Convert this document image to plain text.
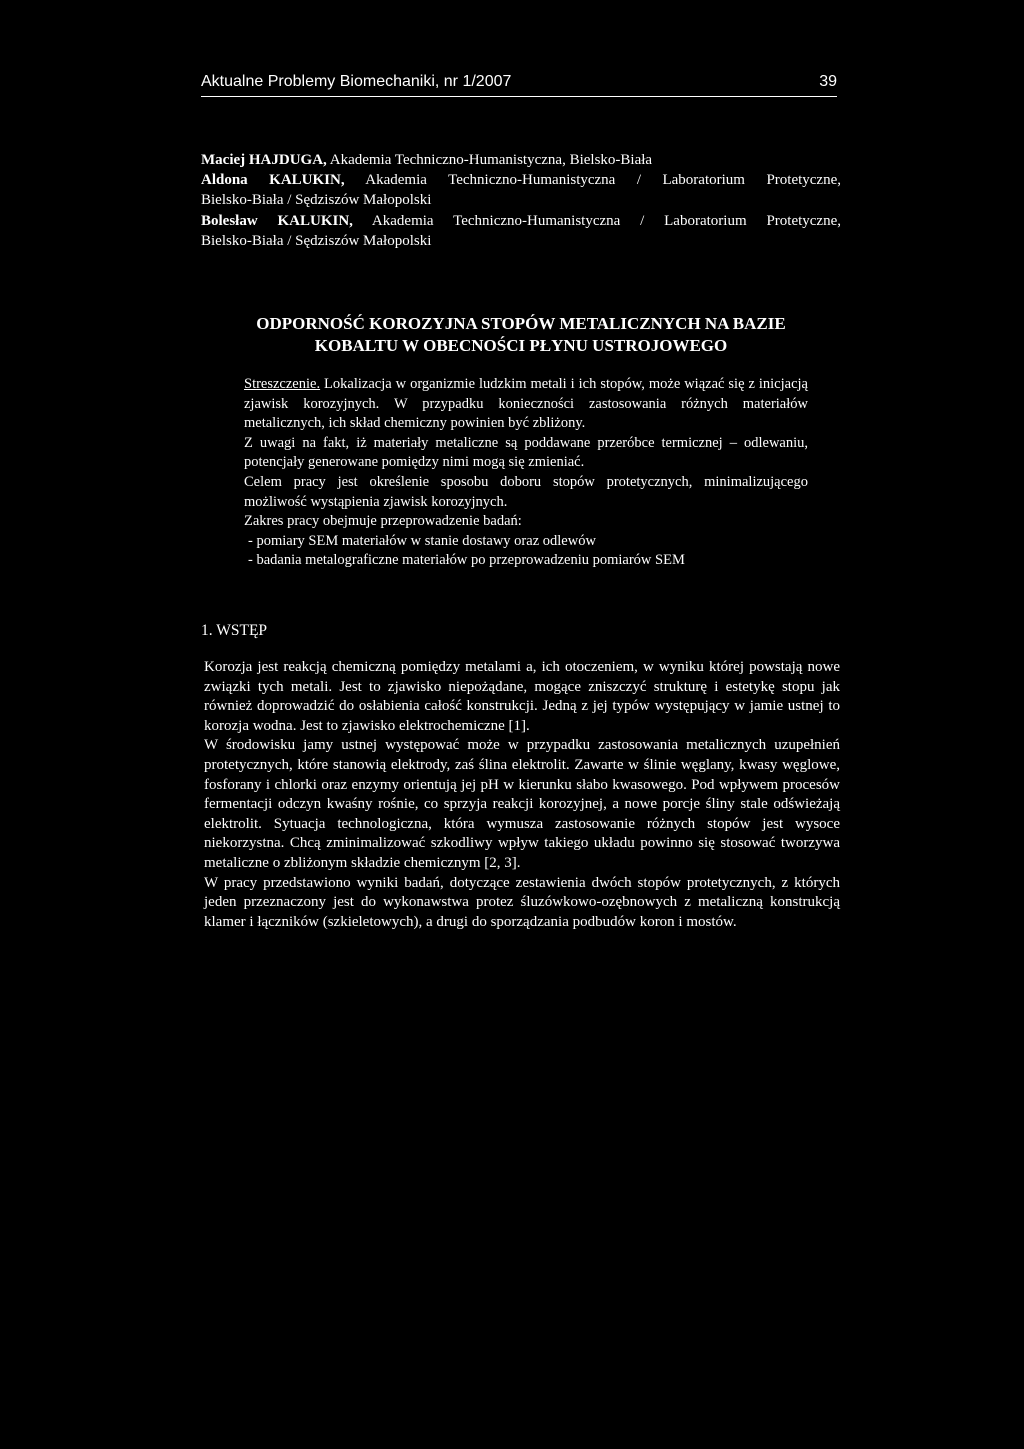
Aktualne Problemy Biomechaniki, nr 1/2007	39
Maciej HAJDUGA, Akademia Techniczno-Humanistyczna, Bielsko-Biała
Aldona KALUKIN, Akademia Techniczno-Humanistyczna / Laboratorium Protetyczne,
Bielsko-Biała / Sędziszów Małopolski
Bolesław KALUKIN, Akademia Techniczno-Humanistyczna / Laboratorium Protetyczne,
Bielsko-Biała / Sędziszów Małopolski
ODPORNOŚĆ KOROZYJNA STOPÓW METALICZNYCH NA BAZIE
KOBALTU W OBECNOŚCI PŁYNU USTROJOWEGO

Streszczenie. Lokalizacja w organizmie ludzkim metali i ich stopów, może wiązać się z inicjacją zjawisk korozyjnych. W przypadku konieczności zastosowania różnych materiałów metalicznych, ich skład chemiczny powinien być zbliżony.

Z uwagi na fakt, iż materiały metaliczne są poddawane przeróbce termicznej – odlewaniu, potencjały generowane pomiędzy nimi mogą się zmieniać.

Celem pracy jest określenie sposobu doboru stopów protetycznych, minimalizującego możliwość wystąpienia zjawisk korozyjnych.

Zakres pracy obejmuje przeprowadzenie badań:

- pomiary SEM materiałów w stanie dostawy oraz odlewów

- badania metalograficzne materiałów po przeprowadzeniu pomiarów SEM

1. WSTĘP

Korozja jest reakcją chemiczną pomiędzy metalami a, ich otoczeniem, w wyniku której powstają nowe związki tych metali. Jest to zjawisko niepożądane, mogące zniszczyć strukturę i estetykę stopu jak również doprowadzić do osłabienia całość konstrukcji. Jedną z jej typów występujący w jamie ustnej to korozja wodna. Jest to zjawisko elektrochemiczne [1].

W środowisku jamy ustnej występować może w przypadku zastosowania metalicznych uzupełnień protetycznych, które stanowią elektrody, zaś ślina elektrolit. Zawarte w ślinie węglany, kwasy węglowe, fosforany i chlorki oraz enzymy orientują jej pH w kierunku słabo kwasowego. Pod wpływem procesów fermentacji odczyn kwaśny rośnie, co sprzyja reakcji korozyjnej, a nowe porcje śliny stale odświeżają elektrolit. Sytuacja technologiczna, która wymusza zastosowanie różnych stopów jest wysoce niekorzystna. Chcą zminimalizować szkodliwy wpływ takiego układu powinno się stosować tworzywa metaliczne o zbliżonym składzie chemicznym [2, 3].

W pracy przedstawiono wyniki badań, dotyczące zestawienia dwóch stopów protetycznych, z których jeden przeznaczony jest do wykonawstwa protez śluzówkowo-ozębnowych z metaliczną konstrukcją klamer i łączników (szkieletowych), a drugi do sporządzania podbudów koron i mostów.
